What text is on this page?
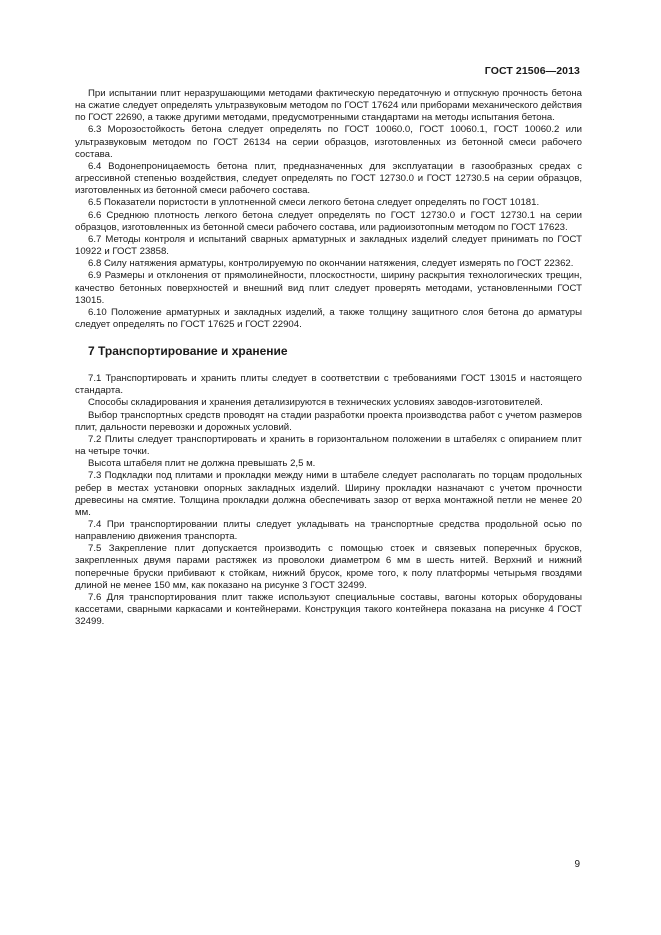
ГОСТ 21506—2013

При испытании плит неразрушающими методами фактическую передаточную и отпускную прочность бетона на сжатие следует определять ультразвуковым методом по ГОСТ 17624 или приборами механического действия по ГОСТ 22690, а также другими методами, предусмотренными стандартами на методы испытания бетона.

6.3 Морозостойкость бетона следует определять по ГОСТ 10060.0, ГОСТ 10060.1, ГОСТ 10060.2 или ультразвуковым методом по ГОСТ 26134 на серии образцов, изготовленных из бетонной смеси рабочего состава.

6.4 Водонепроницаемость бетона плит, предназначенных для эксплуатации в газообразных средах с агрессивной степенью воздействия, следует определять по ГОСТ 12730.0 и ГОСТ 12730.5 на серии образцов, изготовленных из бетонной смеси рабочего состава.

6.5 Показатели пористости в уплотненной смеси легкого бетона следует определять по ГОСТ 10181.

6.6 Среднюю плотность легкого бетона следует определять по ГОСТ 12730.0 и ГОСТ 12730.1 на серии образцов, изготовленных из бетонной смеси рабочего состава, или радиоизотопным методом по ГОСТ 17623.

6.7 Методы контроля и испытаний сварных арматурных и закладных изделий следует принимать по ГОСТ 10922 и ГОСТ 23858.

6.8 Силу натяжения арматуры, контролируемую по окончании натяжения, следует измерять по ГОСТ 22362.

6.9 Размеры и отклонения от прямолинейности, плоскостности, ширину раскрытия технологических трещин, качество бетонных поверхностей и внешний вид плит следует проверять методами, установленными ГОСТ 13015.

6.10 Положение арматурных и закладных изделий, а также толщину защитного слоя бетона до арматуры следует определять по ГОСТ 17625 и ГОСТ 22904.

7 Транспортирование и хранение

7.1 Транспортировать и хранить плиты следует в соответствии с требованиями ГОСТ 13015 и настоящего стандарта.

Способы складирования и хранения детализируются в технических условиях заводов-изготовителей.

Выбор транспортных средств проводят на стадии разработки проекта производства работ с учетом размеров плит, дальности перевозки и дорожных условий.

7.2 Плиты следует транспортировать и хранить в горизонтальном положении в штабелях с опиранием плит на четыре точки.

Высота штабеля плит не должна превышать 2,5 м.

7.3 Подкладки под плитами и прокладки между ними в штабеле следует располагать по торцам продольных ребер в местах установки опорных закладных изделий. Ширину прокладки назначают с учетом прочности древесины на смятие. Толщина прокладки должна обеспечивать зазор от верха монтажной петли не менее 20 мм.

7.4 При транспортировании плиты следует укладывать на транспортные средства продольной осью по направлению движения транспорта.

7.5 Закрепление плит допускается производить с помощью стоек и связевых поперечных брусков, закрепленных двумя парами растяжек из проволоки диаметром 6 мм в шесть нитей. Верхний и нижний поперечные бруски прибивают к стойкам, нижний брусок, кроме того, к полу платформы четырьмя гвоздями длиной не менее 150 мм, как показано на рисунке 3 ГОСТ 32499.

7.6 Для транспортирования плит также используют специальные составы, вагоны которых оборудованы кассетами, сварными каркасами и контейнерами. Конструкция такого контейнера показана на рисунке 4 ГОСТ 32499.

9
